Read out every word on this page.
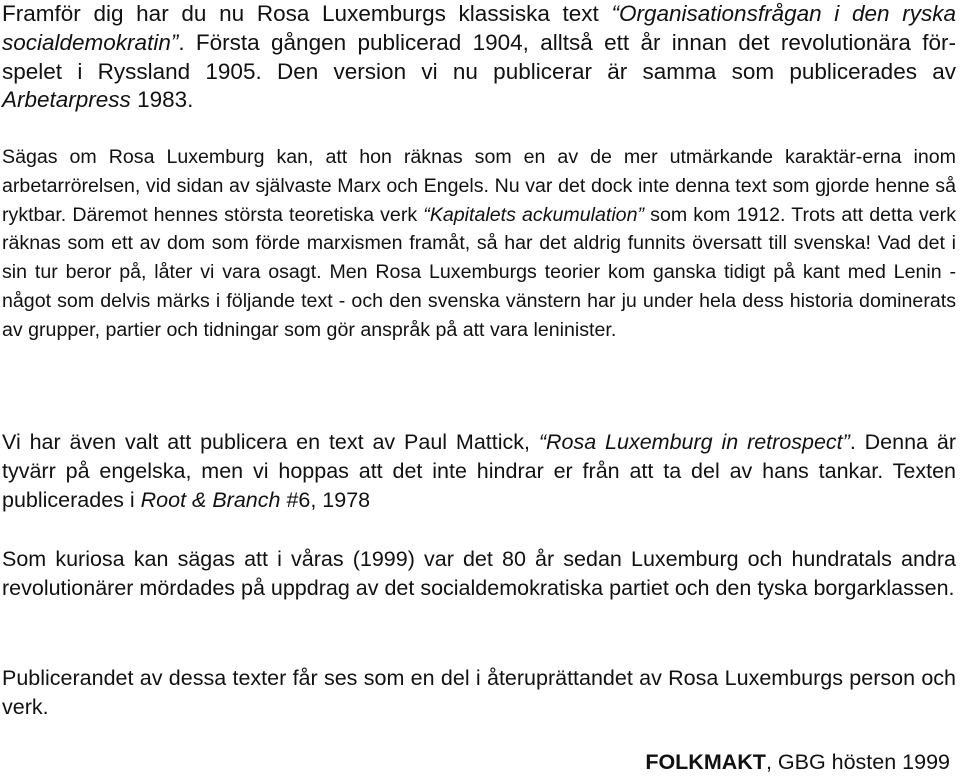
Framför dig har du nu Rosa Luxemburgs klassiska text “Organisationsfrågan i den ryska socialdemokratin”. Första gången publicerad 1904, alltså ett år innan det revolutionära för-spelet i Ryssland 1905. Den version vi nu publicerar är samma som publicerades av Arbetarpress 1983.

Sägas om Rosa Luxemburg kan, att hon räknas som en av de mer utmärkande karaktär-erna inom arbetarrörelsen, vid sidan av självaste Marx och Engels. Nu var det dock inte denna text som gjorde henne så ryktbar. Däremot hennes största teoretiska verk “Kapitalets ackumulation” som kom 1912. Trots att detta verk räknas som ett av dom som förde marxismen framåt, så har det aldrig funnits översatt till svenska! Vad det i sin tur beror på, låter vi vara osagt. Men Rosa Luxemburgs teorier kom ganska tidigt på kant med Lenin - något som delvis märks i följande text - och den svenska vänstern har ju under hela dess historia dominerats av grupper, partier och tidningar som gör anspråk på att vara leninister.

Vi har även valt att publicera en text av Paul Mattick, “Rosa Luxemburg in retrospect”. Denna är tyvärr på engelska, men vi hoppas att det inte hindrar er från att ta del av hans tankar. Texten publicerades i Root & Branch #6, 1978

Som kuriosa kan sägas att i våras (1999) var det 80 år sedan Luxemburg och hundratals andra revolutionärer mördades på uppdrag av det socialdemokratiska partiet och den tyska borgarklassen.

Publicerandet av dessa texter får ses som en del i återuprättandet av Rosa Luxemburgs person och verk.

FOLKMAKT, GBG hösten 1999
